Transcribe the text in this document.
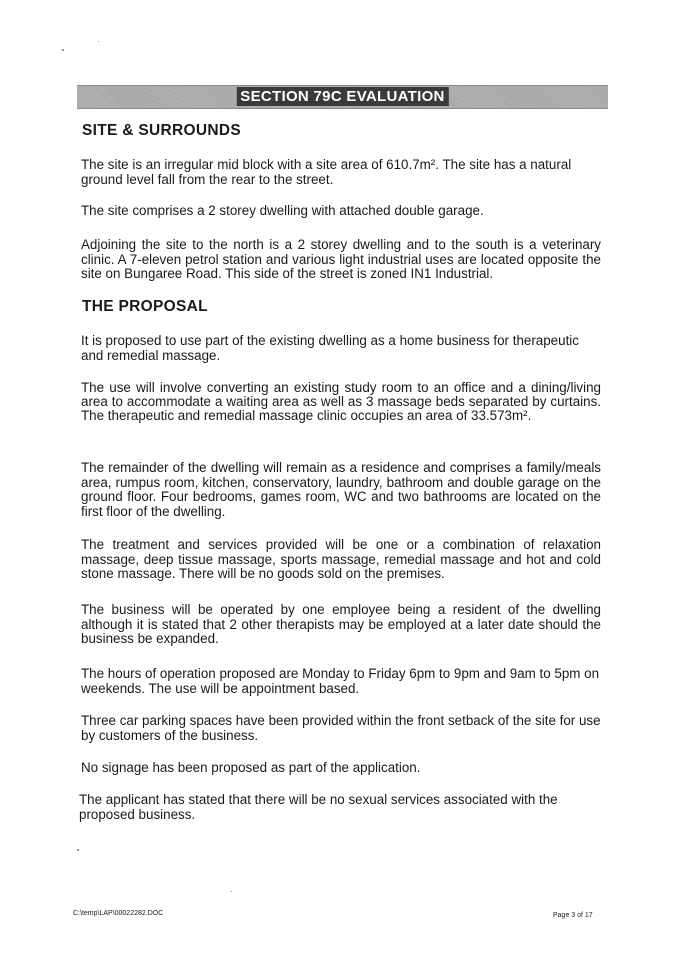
SECTION 79C EVALUATION
SITE & SURROUNDS

The site is an irregular mid block with a site area of 610.7m². The site has a natural ground level fall from the rear to the street.

The site comprises a 2 storey dwelling with attached double garage.

Adjoining the site to the north is a 2 storey dwelling and to the south is a veterinary clinic. A 7-eleven petrol station and various light industrial uses are located opposite the site on Bungaree Road. This side of the street is zoned IN1 Industrial.

THE PROPOSAL

It is proposed to use part of the existing dwelling as a home business for therapeutic and remedial massage.

The use will involve converting an existing study room to an office and a dining/living area to accommodate a waiting area as well as 3 massage beds separated by curtains. The therapeutic and remedial massage clinic occupies an area of 33.573m².

The remainder of the dwelling will remain as a residence and comprises a family/meals area, rumpus room, kitchen, conservatory, laundry, bathroom and double garage on the ground floor. Four bedrooms, games room, WC and two bathrooms are located on the first floor of the dwelling.

The treatment and services provided will be one or a combination of relaxation massage, deep tissue massage, sports massage, remedial massage and hot and cold stone massage. There will be no goods sold on the premises.

The business will be operated by one employee being a resident of the dwelling although it is stated that 2 other therapists may be employed at a later date should the business be expanded.

The hours of operation proposed are Monday to Friday 6pm to 9pm and 9am to 5pm on weekends. The use will be appointment based.

Three car parking spaces have been provided within the front setback of the site for use by customers of the business.

No signage has been proposed as part of the application.

The applicant has stated that there will be no sexual services associated with the proposed business.

C:\temp\LAP\00022282.DOC	Page 3 of 17
